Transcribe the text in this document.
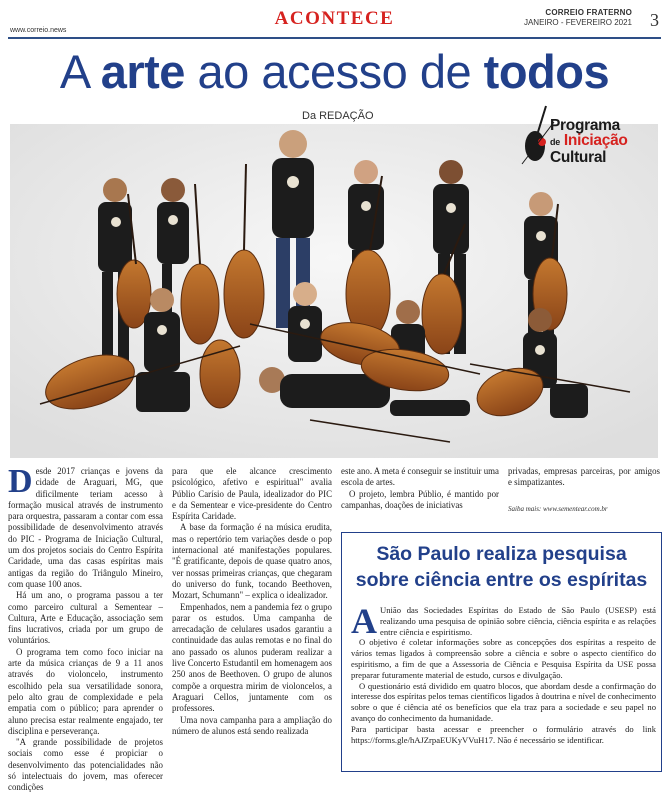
www.correio.news
ACONTECE	CORREIO FRATERNO
JANEIRO - FEVEREIRO 2021 3
A arte ao acesso de todos
Da REDAÇÃO
Programa
de Iniciação
Cultural

Desde 2017 crianças e jovens da cidade de Araguari, MG, que dificilmente teriam acesso à formação musical através de instrumento para orquestra, passaram a contar com essa possibilidade de desenvolvimento através do PIC - Programa de Iniciação Cultural, um dos projetos sociais do Centro Espírita Caridade, uma das casas espíritas mais antigas da região do Triângulo Mineiro, com quase 100 anos.

Há um ano, o programa passou a ter como parceiro cultural a Sementear – Cultura, Arte e Educação, associação sem fins lucrativos, criada por um grupo de voluntários.

O programa tem como foco iniciar na arte da música crianças de 9 a 11 anos através do violoncelo, instrumento escolhido pela sua versatilidade sonora, pelo alto grau de complexidade e pela empatia com o público; para aprender o aluno precisa estar realmente engajado, ter disciplina e perseverança.

"A grande possibilidade de projetos sociais como esse é propiciar o desenvolvimento das potencialidades não só intelectuais do jovem, mas oferecer condições

para que ele alcance crescimento psicológico, afetivo e espiritual" avalia Públio Carísio de Paula, idealizador do PIC e da Sementear e vice-presidente do Centro Espírita Caridade.

A base da formação é na música erudita, mas o repertório tem variações desde o pop internacional até manifestações populares. "É gratificante, depois de quase quatro anos, ver nossas primeiras crianças, que chegaram do universo do funk, tocando Beethoven, Mozart, Schumann" – explica o idealizador.

Empenhados, nem a pandemia fez o grupo parar os estudos. Uma campanha de arrecadação de celulares usados garantiu a continuidade das aulas remotas e no final do ano passado os alunos puderam realizar a live Concerto Estudantil em homenagem aos 250 anos de Beethoven. O grupo de alunos compõe a orquestra mirim de violoncelos, a Araguari Cellos, juntamente com os professores.

Uma nova campanha para a ampliação do número de alunos está sendo realizada

este ano. A meta é conseguir se instituir uma escola de artes.

O projeto, lembra Públio, é mantido por campanhas, doações de iniciativas

privadas, empresas parceiras, por amigos e simpatizantes.

Saiba mais: www.sementear.com.br
São Paulo realiza pesquisa
sobre ciência entre os espíritas

A União das Sociedades Espíritas do Estado de São Paulo (USESP) está realizando uma pesquisa de opinião sobre ciência, ciência espírita e as relações entre ciência e espiritismo.

O objetivo é coletar informações sobre as concepções dos espíritas a respeito de vários temas ligados à compreensão sobre a ciência e sobre o aspecto científico do espiritismo, a fim de que a Assessoria de Ciência e Pesquisa Espírita da USE possa preparar futuramente material de estudo, cursos e divulgação.

O questionário está dividido em quatro blocos, que abordam desde a confirmação do interesse dos espíritas pelos temas científicos ligados à doutrina e nível de conhecimento sobre o que é ciência até os benefícios que ela traz para a sociedade e seu papel no avanço do conhecimento da humanidade.

Para participar basta acessar e preencher o formulário através do link https://forms.gle/hAJZrpaEUKyVVuH17. Não é necessário se identificar.
